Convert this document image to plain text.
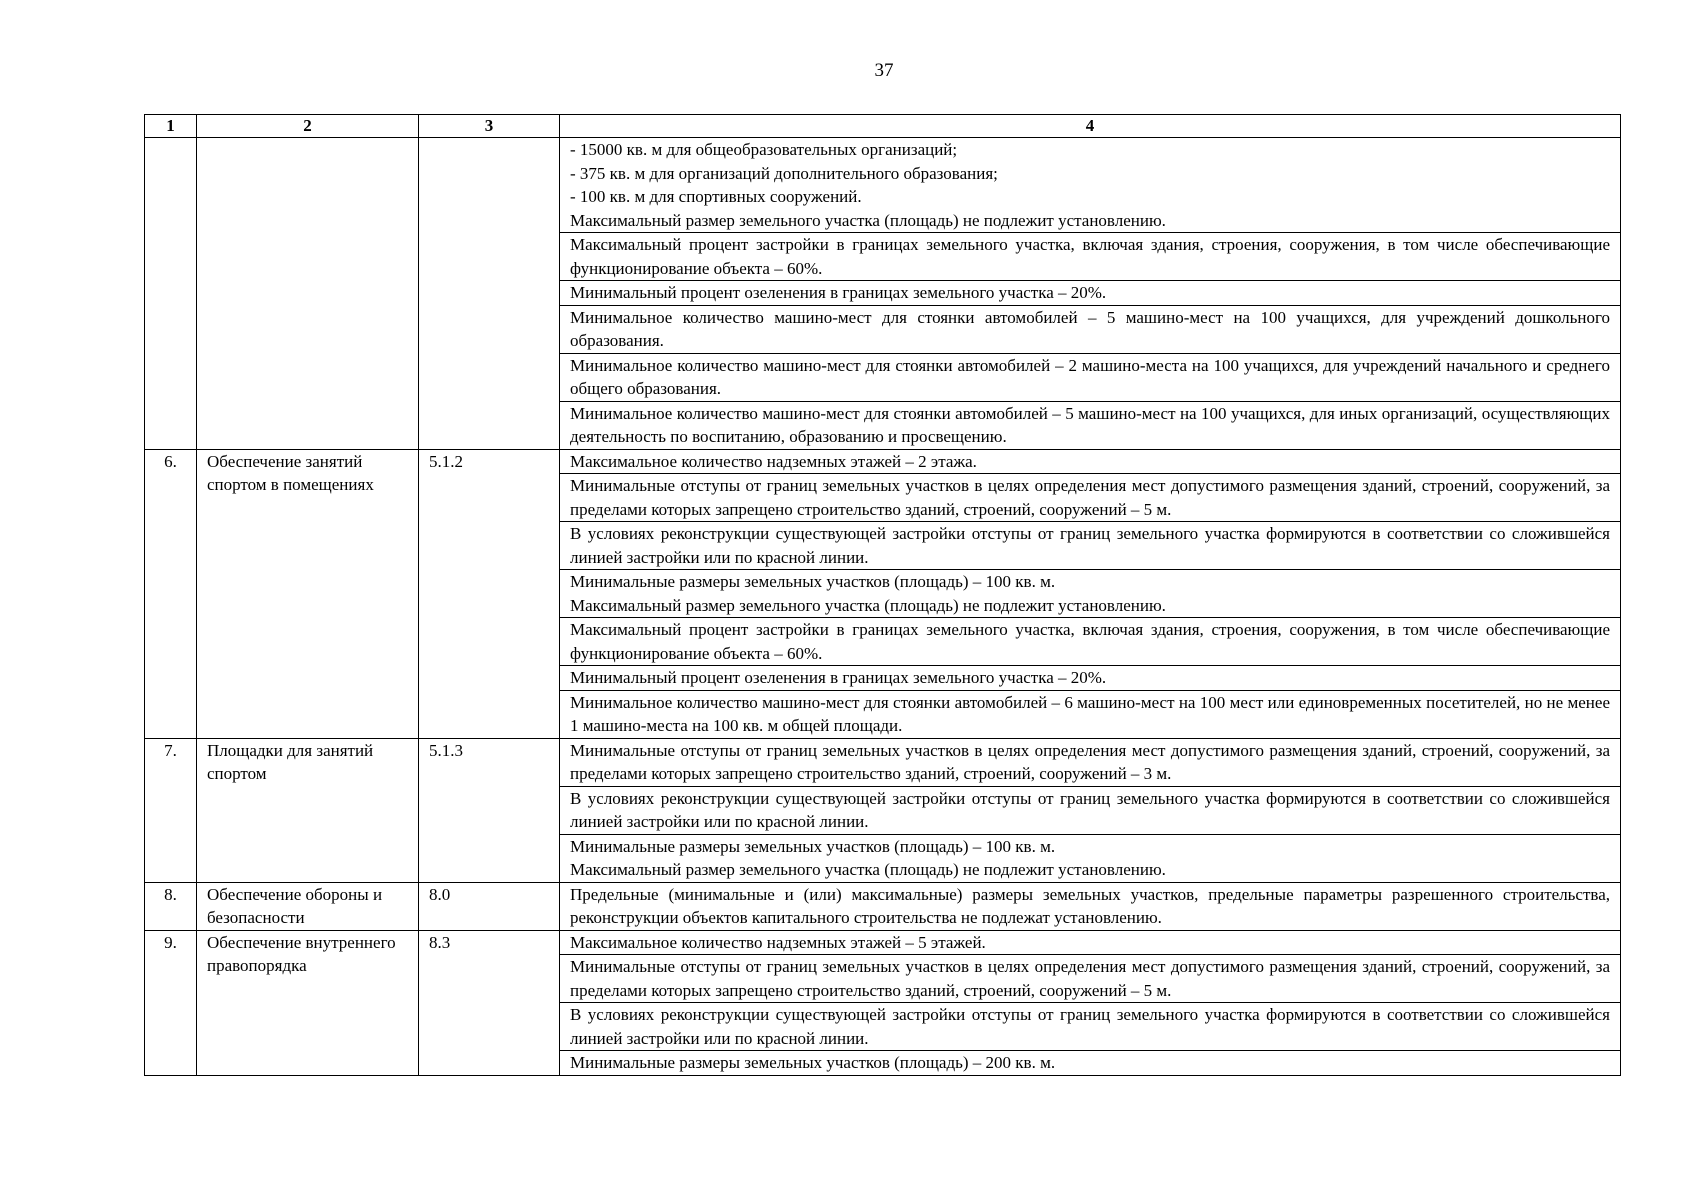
37
1	2	3	4

			- 15000 кв. м для общеобразовательных организаций;
- 375 кв. м для организаций дополнительного образования;
- 100 кв. м для спортивных сооружений.
Максимальный размер земельного участка (площадь) не подлежит установлению.

			Максимальный процент застройки в границах земельного участка, включая здания, строения, сооружения, в том числе обеспечивающие функционирование объекта – 60%.
			Минимальный процент озеленения в границах земельного участка – 20%.
			Минимальное количество машино-мест для стоянки автомобилей – 5 машино-мест на 100 учащихся, для учреждений дошкольного образования.
			Минимальное количество машино-мест для стоянки автомобилей – 2 машино-места на 100 учащихся, для учреждений начального и среднего общего образования.
			Минимальное количество машино-мест для стоянки автомобилей – 5 машино-мест на 100 учащихся, для иных организаций, осуществляющих деятельность по воспитанию, образованию и просвещению.
6.	Обеспечение занятий спортом в помещениях	5.1.2	Максимальное количество надземных этажей – 2 этажа.
			Минимальные отступы от границ земельных участков в целях определения мест допустимого размещения зданий, строений, сооружений, за пределами которых запрещено строительство зданий, строений, сооружений – 5 м.
			В условиях реконструкции существующей застройки отступы от границ земельного участка формируются в соответствии со сложившейся линией застройки или по красной линии.

			Минимальные размеры земельных участков (площадь) – 100 кв. м.
Максимальный размер земельного участка (площадь) не подлежит установлению.

			Максимальный процент застройки в границах земельного участка, включая здания, строения, сооружения, в том числе обеспечивающие функционирование объекта – 60%.
			Минимальный процент озеленения в границах земельного участка – 20%.
			Минимальное количество машино-мест для стоянки автомобилей – 6 машино-мест на 100 мест или единовременных посетителей, но не менее 1 машино-места на 100 кв. м общей площади.
7.	Площадки для занятий спортом	5.1.3	Минимальные отступы от границ земельных участков в целях определения мест допустимого размещения зданий, строений, сооружений, за пределами которых запрещено строительство зданий, строений, сооружений – 3 м.
			В условиях реконструкции существующей застройки отступы от границ земельного участка формируются в соответствии со сложившейся линией застройки или по красной линии.

			Минимальные размеры земельных участков (площадь) – 100 кв. м.
Максимальный размер земельного участка (площадь) не подлежит установлению.

8.	Обеспечение обороны и безопасности	8.0	Предельные (минимальные и (или) максимальные) размеры земельных участков, предельные параметры разрешенного строительства, реконструкции объектов капитального строительства не подлежат установлению.
9.	Обеспечение внутреннего правопорядка	8.3	Максимальное количество надземных этажей – 5 этажей.
			Минимальные отступы от границ земельных участков в целях определения мест допустимого размещения зданий, строений, сооружений, за пределами которых запрещено строительство зданий, строений, сооружений – 5 м.
			В условиях реконструкции существующей застройки отступы от границ земельного участка формируются в соответствии со сложившейся линией застройки или по красной линии.
			Минимальные размеры земельных участков (площадь) – 200 кв. м.
